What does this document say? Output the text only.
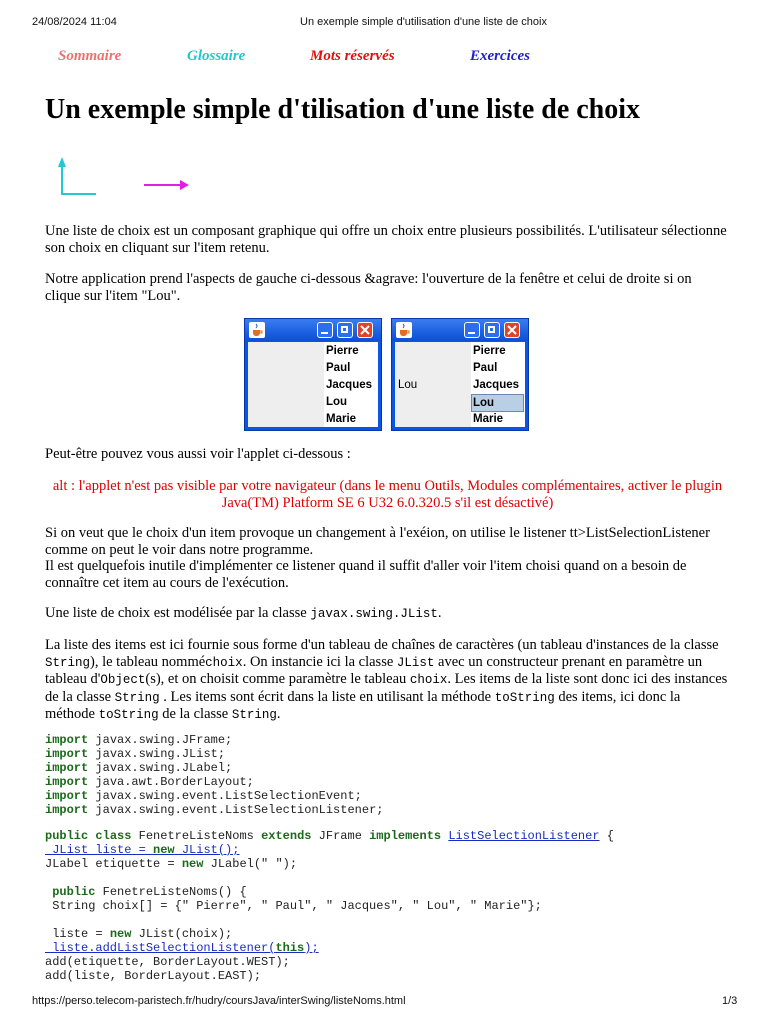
24/08/2024 11:04	Un exemple simple d'utilisation d'une liste de choix
Sommaire	Glossaire	Mots réservés	Exercices
Un exemple simple d'tilisation d'une liste de choix

Une liste de choix est un composant graphique qui offre un choix entre plusieurs possibilités. L'utilisateur sélectionne son choix en cliquant sur l'item retenu.

Notre application prend l'aspects de gauche ci-dessous &agrave: l'ouverture de la fenêtre et celui de droite si on clique sur l'item "Lou".

Pierre
Paul
Jacques
Lou
Marie
Lou
Pierre
Paul
Jacques
Lou
Marie

Peut-être pouvez vous aussi voir l'applet ci-dessous :

alt : l'applet n'est pas visible par votre navigateur (dans le menu Outils, Modules complémentaires, activer le plugin Java(TM) Platform SE 6 U32 6.0.320.5 s'il est désactivé)

Si on veut que le choix d'un item provoque un changement à l'exéion, on utilise le listener tt>ListSelectionListener comme on peut le voir dans notre programme.
Il est quelquefois inutile d'implémenter ce listener quand il suffit d'aller voir l'item choisi quand on a besoin de connaître cet item au cours de l'exécution.

Une liste de choix est modélisée par la classe javax.swing.JList.

La liste des items est ici fournie sous forme d'un tableau de chaînes de caractères (un tableau d'instances de la classe String), le tableau nomméchoix. On instancie ici la classe JList avec un constructeur prenant en paramètre un tableau d'Object(s), et on choisit comme paramètre le tableau choix. Les items de la liste sont donc ici des instances de la classe String . Les items sont écrit dans la liste en utilisant la méthode toString des items, ici donc la méthode toString de la classe String.

import javax.swing.JFrame;
import javax.swing.JList;
import javax.swing.JLabel;
import java.awt.BorderLayout;
import javax.swing.event.ListSelectionEvent;
import javax.swing.event.ListSelectionListener;
public class FenetreListeNoms extends JFrame implements ListSelectionListener {
JList liste = new JList();
JLabel etiquette = new JLabel(" ");

public FenetreListeNoms() {
String choix[] = {" Pierre", " Paul", " Jacques", " Lou", " Marie"};

liste = new JList(choix);
liste.addListSelectionListener(this);
add(etiquette, BorderLayout.WEST);
add(liste, BorderLayout.EAST);
https://perso.telecom-paristech.fr/hudry/coursJava/interSwing/listeNoms.html	1/3
